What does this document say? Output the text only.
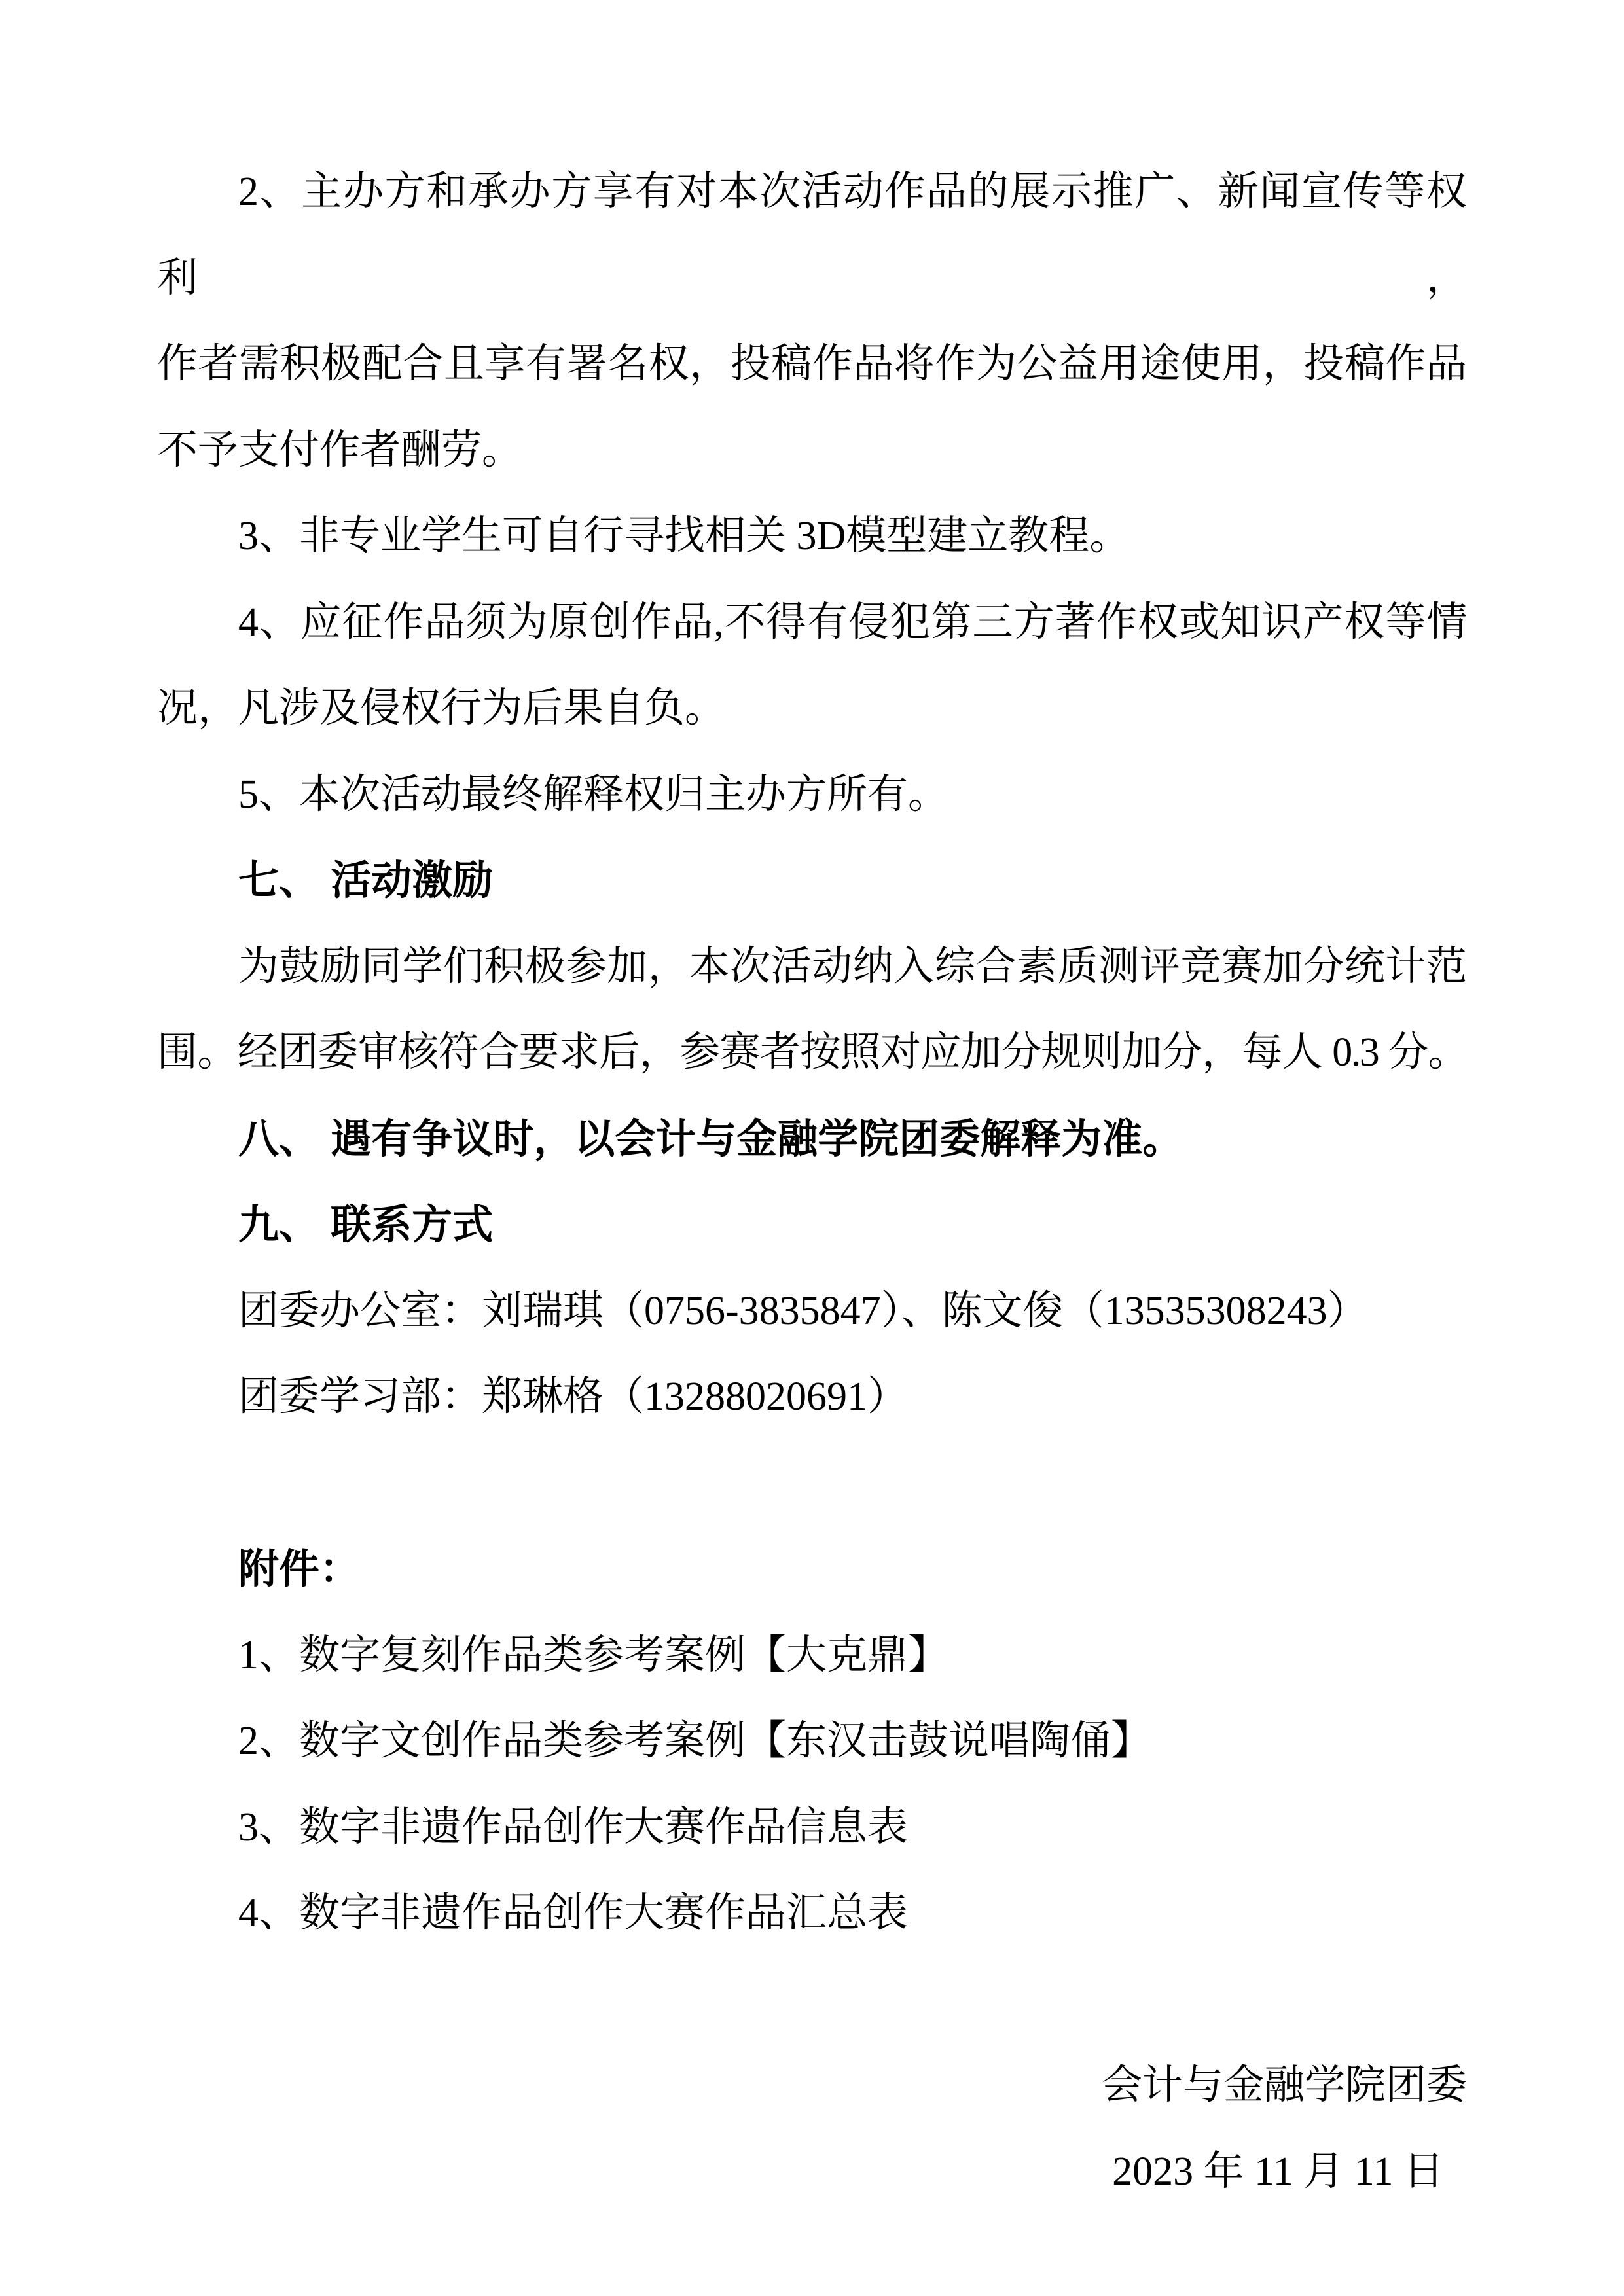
2、主办方和承办方享有对本次活动作品的展示推广、新闻宣传等权利，
作者需积极配合且享有署名权，投稿作品将作为公益用途使用，投稿作品
不予支付作者酬劳。
3、非专业学生可自行寻找相关 3D模型建立教程。
4、应征作品须为原创作品,不得有侵犯第三方著作权或知识产权等情
况，凡涉及侵权行为后果自负。
5、本次活动最终解释权归主办方所有。
七、 活动激励
为鼓励同学们积极参加，本次活动纳入综合素质测评竞赛加分统计范
围。经团委审核符合要求后，参赛者按照对应加分规则加分，每人 0.3 分。
八、 遇有争议时，以会计与金融学院团委解释为准。
九、 联系方式
团委办公室：刘瑞琪（0756-3835847）、陈文俊（13535308243）
团委学习部：郑琳格（13288020691）

附件：
1、数字复刻作品类参考案例【大克鼎】
2、数字文创作品类参考案例【东汉击鼓说唱陶俑】
3、数字非遗作品创作大赛作品信息表
4、数字非遗作品创作大赛作品汇总表

会计与金融学院团委
2023 年 11 月 11 日
